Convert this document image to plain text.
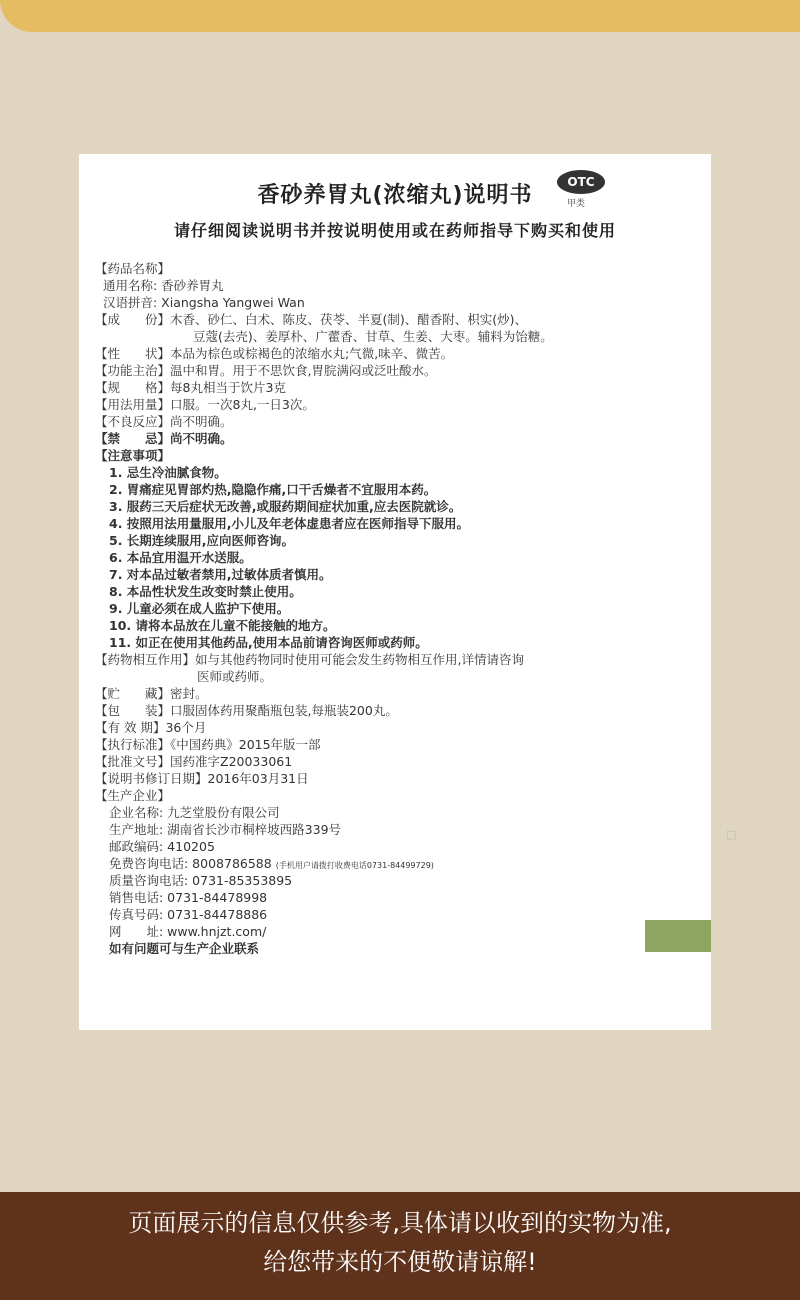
香砂养胃丸(浓缩丸)说明书
OTC
甲类
请仔细阅读说明书并按说明使用或在药师指导下购买和使用
【药品名称】
通用名称: 香砂养胃丸
汉语拼音: Xiangsha Yangwei Wan
【成　　份】木香、砂仁、白术、陈皮、茯苓、半夏(制)、醋香附、枳实(炒)、
豆蔻(去壳)、姜厚朴、广藿香、甘草、生姜、大枣。辅料为饴糖。
【性　　状】本品为棕色或棕褐色的浓缩水丸;气微,味辛、微苦。
【功能主治】温中和胃。用于不思饮食,胃脘满闷或泛吐酸水。
【规　　格】每8丸相当于饮片3克
【用法用量】口服。一次8丸,一日3次。
【不良反应】尚不明确。
【禁　　忌】尚不明确。
【注意事项】
1. 忌生冷油腻食物。
2. 胃痛症见胃部灼热,隐隐作痛,口干舌燥者不宜服用本药。
3. 服药三天后症状无改善,或服药期间症状加重,应去医院就诊。
4. 按照用法用量服用,小儿及年老体虚患者应在医师指导下服用。
5. 长期连续服用,应向医师咨询。
6. 本品宜用温开水送服。
7. 对本品过敏者禁用,过敏体质者慎用。
8. 本品性状发生改变时禁止使用。
9. 儿童必须在成人监护下使用。
10. 请将本品放在儿童不能接触的地方。
11. 如正在使用其他药品,使用本品前请咨询医师或药师。
【药物相互作用】如与其他药物同时使用可能会发生药物相互作用,详情请咨询
医师或药师。
【贮　　藏】密封。
【包　　装】口服固体药用聚酯瓶包装,每瓶装200丸。
【有 效 期】36个月
【执行标准】《中国药典》2015年版一部
【批准文号】国药准字Z20033061
【说明书修订日期】2016年03月31日
【生产企业】
企业名称: 九芝堂股份有限公司
生产地址: 湖南省长沙市桐梓坡西路339号
邮政编码: 410205
免费咨询电话: 8008786588 (手机用户请拨打收费电话0731-84499729)
质量咨询电话: 0731-85353895
销售电话: 0731-84478998
传真号码: 0731-84478886
网　　址: www.hnjzt.com/
如有问题可与生产企业联系
□
页面展示的信息仅供参考,具体请以收到的实物为准,
给您带来的不便敬请谅解!
